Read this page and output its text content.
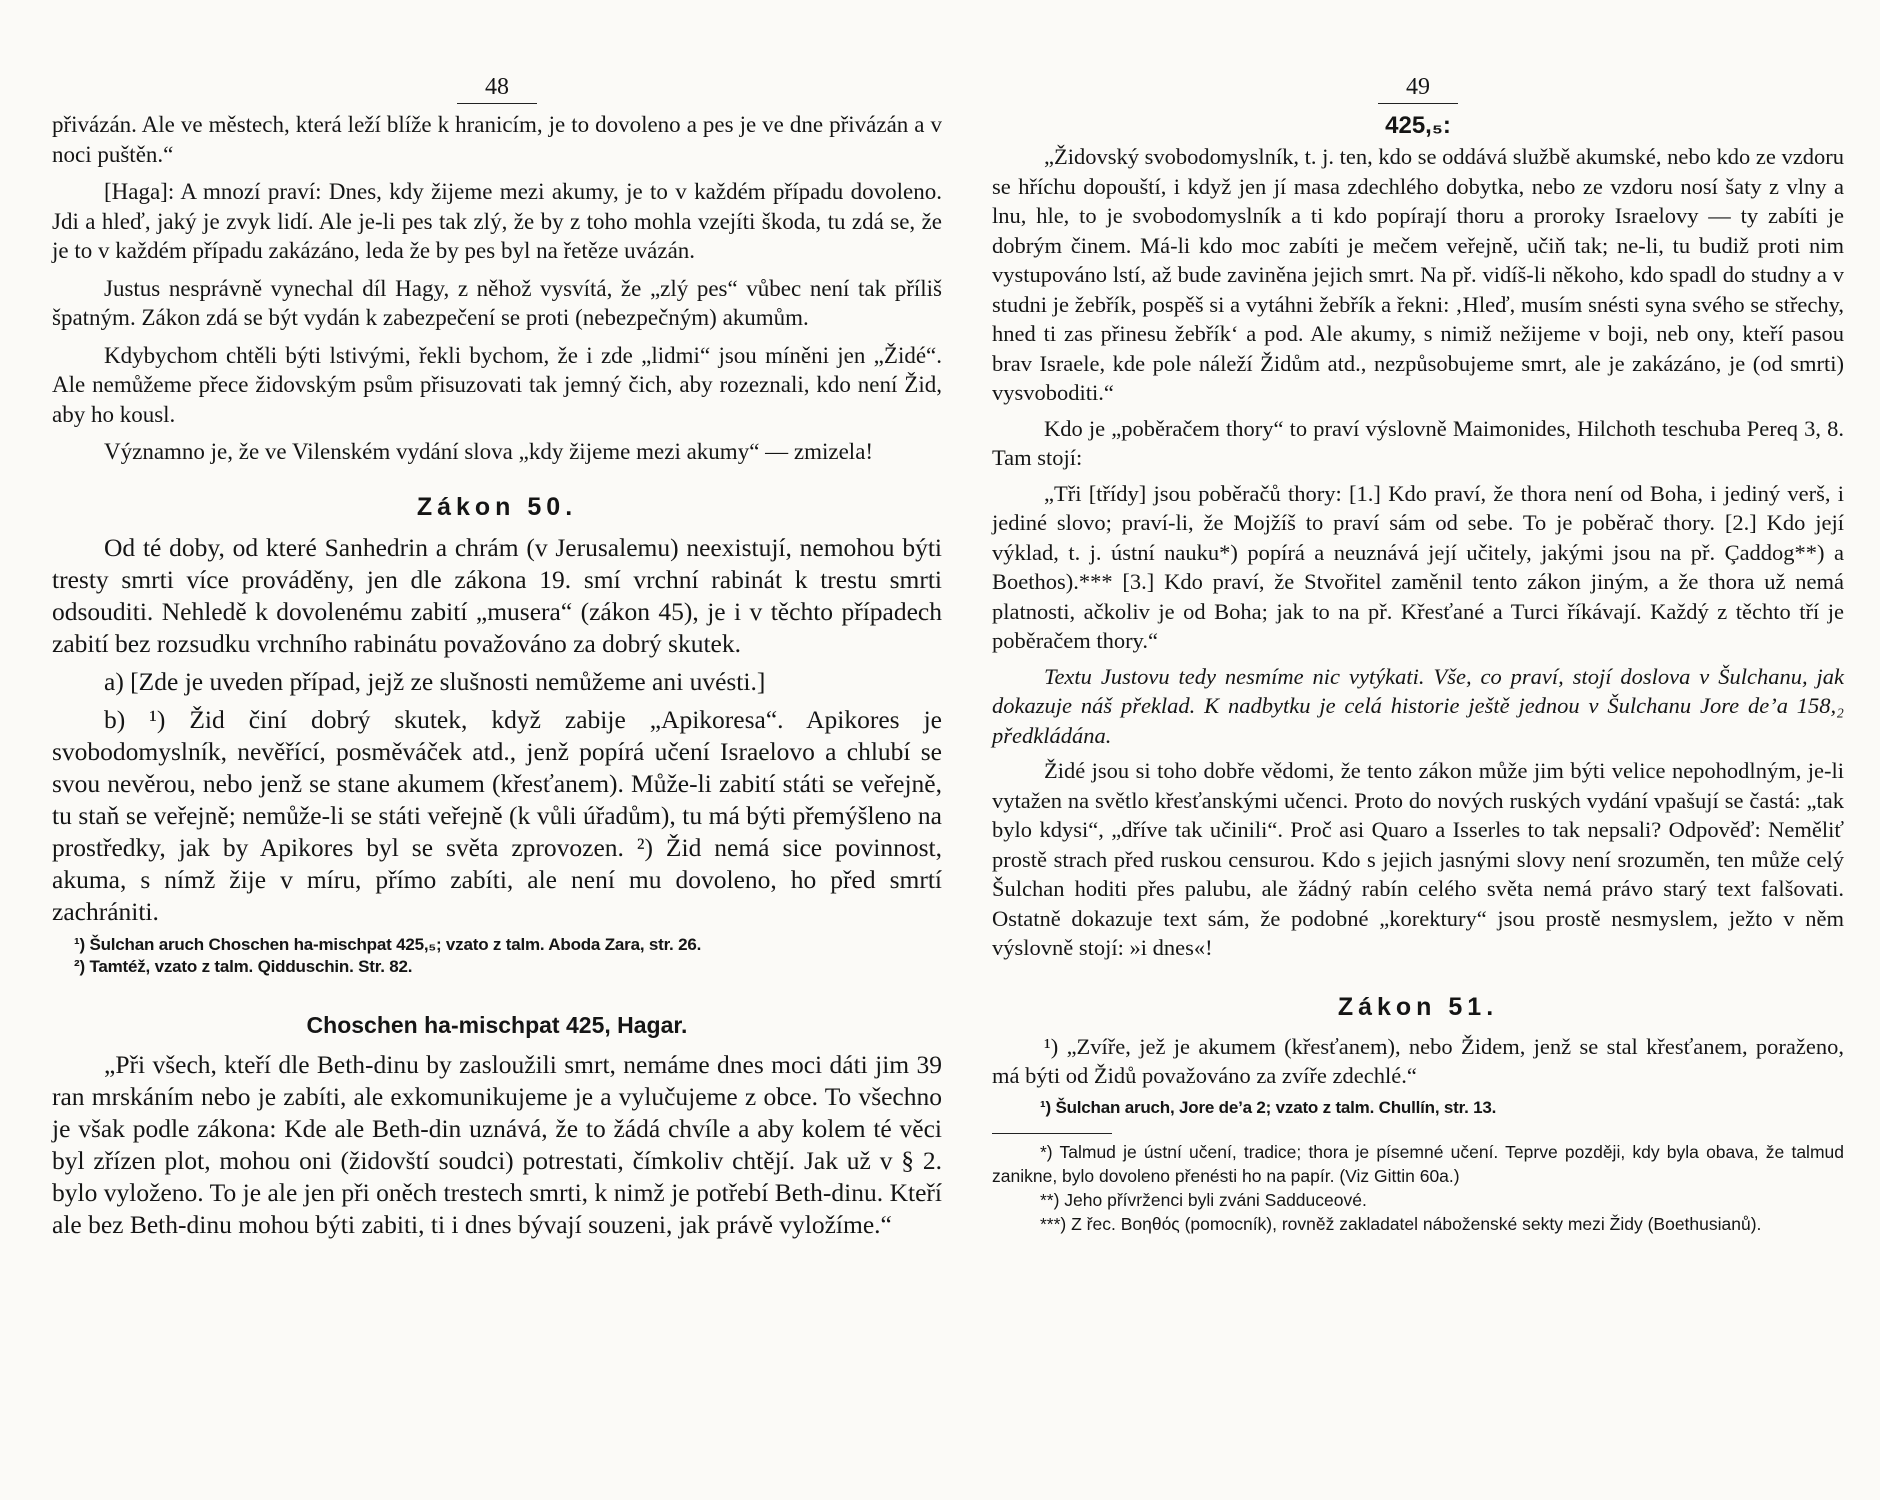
48

přivázán. Ale ve městech, která leží blíže k hranicím, je to dovoleno a pes je ve dne přivázán a v noci puštěn.“

[Haga]: A mnozí praví: Dnes, kdy žijeme mezi akumy, je to v každém případu dovoleno. Jdi a hleď, jaký je zvyk lidí. Ale je-li pes tak zlý, že by z toho mohla vzejíti škoda, tu zdá se, že je to v každém případu zakázáno, leda že by pes byl na řetěze uvázán.

Justus nesprávně vynechal díl Hagy, z něhož vysvítá, že „zlý pes“ vůbec není tak příliš špatným. Zákon zdá se být vydán k zabezpečení se proti (nebezpečným) akumům.

Kdybychom chtěli býti lstivými, řekli bychom, že i zde „lidmi“ jsou míněni jen „Židé“. Ale nemůžeme přece židovským psům přisuzovati tak jemný čich, aby rozeznali, kdo není Žid, aby ho kousl.

Významno je, že ve Vilenském vydání slova „kdy žijeme mezi akumy“ — zmizela!

Zákon 50.

Od té doby, od které Sanhedrin a chrám (v Jerusalemu) neexistují, nemohou býti tresty smrti více prováděny, jen dle zákona 19. smí vrchní rabinát k trestu smrti odsouditi. Nehledě k dovolenému zabití „musera“ (zákon 45), je i v těchto případech zabití bez rozsudku vrchního rabinátu považováno za dobrý skutek.

a) [Zde je uveden případ, jejž ze slušnosti nemůžeme ani uvésti.]

b) ¹) Žid činí dobrý skutek, když zabije „Apikoresa“. Apikores je svobodomyslník, nevěřící, posměváček atd., jenž popírá učení Israelovo a chlubí se svou nevěrou, nebo jenž se stane akumem (křesťanem). Může-li zabití státi se veřejně, tu staň se veřejně; nemůže-li se státi veřejně (k vůli úřadům), tu má býti přemýšleno na prostředky, jak by Apikores byl se světa zprovozen. ²) Žid nemá sice povinnost, akuma, s nímž žije v míru, přímo zabíti, ale není mu dovoleno, ho před smrtí zachrániti.

¹) Šulchan aruch Choschen ha-mischpat 425,₅; vzato z talm. Aboda Zara, str. 26.

²) Tamtéž, vzato z talm. Qidduschin. Str. 82.

Choschen ha-mischpat 425, Hagar.

„Při všech, kteří dle Beth-dinu by zasloužili smrt, nemáme dnes moci dáti jim 39 ran mrskáním nebo je zabíti, ale exkomunikujeme je a vylučujeme z obce. To všechno je však podle zákona: Kde ale Beth-din uznává, že to žádá chvíle a aby kolem té věci byl zřízen plot, mohou oni (židovští soudci) potrestati, čímkoliv chtějí. Jak už v § 2. bylo vyloženo. To je ale jen při oněch trestech smrti, k nimž je potřebí Beth-dinu. Kteří ale bez Beth-dinu mohou býti zabiti, ti i dnes bývají souzeni, jak právě vyložíme.“

49
425,₅:

„Židovský svobodomyslník, t. j. ten, kdo se oddává službě akumské, nebo kdo ze vzdoru se hříchu dopouští, i když jen jí masa zdechlého dobytka, nebo ze vzdoru nosí šaty z vlny a lnu, hle, to je svobodomyslník a ti kdo popírají thoru a proroky Israelovy — ty zabíti je dobrým činem. Má-li kdo moc zabíti je mečem veřejně, učiň tak; ne-li, tu budiž proti nim vystupováno lstí, až bude zaviněna jejich smrt. Na př. vidíš-li někoho, kdo spadl do studny a v studni je žebřík, pospěš si a vytáhni žebřík a řekni: ‚Hleď, musím snésti syna svého se střechy, hned ti zas přinesu žebřík‘ a pod. Ale akumy, s nimiž nežijeme v boji, neb ony, kteří pasou brav Israele, kde pole náleží Židům atd., nezpůsobujeme smrt, ale je zakázáno, je (od smrti) vysvoboditi.“

Kdo je „poběračem thory“ to praví výslovně Maimonides, Hilchoth teschuba Pereq 3, 8. Tam stojí:

„Tři [třídy] jsou poběračů thory: [1.] Kdo praví, že thora není od Boha, i jediný verš, i jediné slovo; praví-li, že Mojžíš to praví sám od sebe. To je poběrač thory. [2.] Kdo její výklad, t. j. ústní nauku*) popírá a neuznává její učitely, jakými jsou na př. Çaddog**) a Boethos).*** [3.] Kdo praví, že Stvořitel zaměnil tento zákon jiným, a že thora už nemá platnosti, ačkoliv je od Boha; jak to na př. Křesťané a Turci říkávají. Každý z těchto tří je poběračem thory.“

Textu Justovu tedy nesmíme nic vytýkati. Vše, co praví, stojí doslova v Šulchanu, jak dokazuje náš překlad. K nadbytku je celá historie ještě jednou v Šulchanu Jore de’a 158,₂ předkládána.

Židé jsou si toho dobře vědomi, že tento zákon může jim býti velice nepohodlným, je-li vytažen na světlo křesťanskými učenci. Proto do nových ruských vydání vpašují se častá: „tak bylo kdysi“, „dříve tak učinili“. Proč asi Quaro a Isserles to tak nepsali? Odpověď: Neměliť prostě strach před ruskou censurou. Kdo s jejich jasnými slovy není srozuměn, ten může celý Šulchan hoditi přes palubu, ale žádný rabín celého světa nemá právo starý text falšovati. Ostatně dokazuje text sám, že podobné „korektury“ jsou prostě nesmyslem, ježto v něm výslovně stojí: »i dnes«!

Zákon 51.

¹) „Zvíře, jež je akumem (křesťanem), nebo Židem, jenž se stal křesťanem, poraženo, má býti od Židů považováno za zvíře zdechlé.“

¹) Šulchan aruch, Jore de’a 2; vzato z talm. Chullín, str. 13.

*) Talmud je ústní učení, tradice; thora je písemné učení. Teprve později, kdy byla obava, že talmud zanikne, bylo dovoleno přenésti ho na papír. (Viz Gittin 60a.)

**) Jeho přívrženci byli zváni Sadduceové.

***) Z řec. Βοηθός (pomocník), rovněž zakladatel náboženské sekty mezi Židy (Boethusianů).
